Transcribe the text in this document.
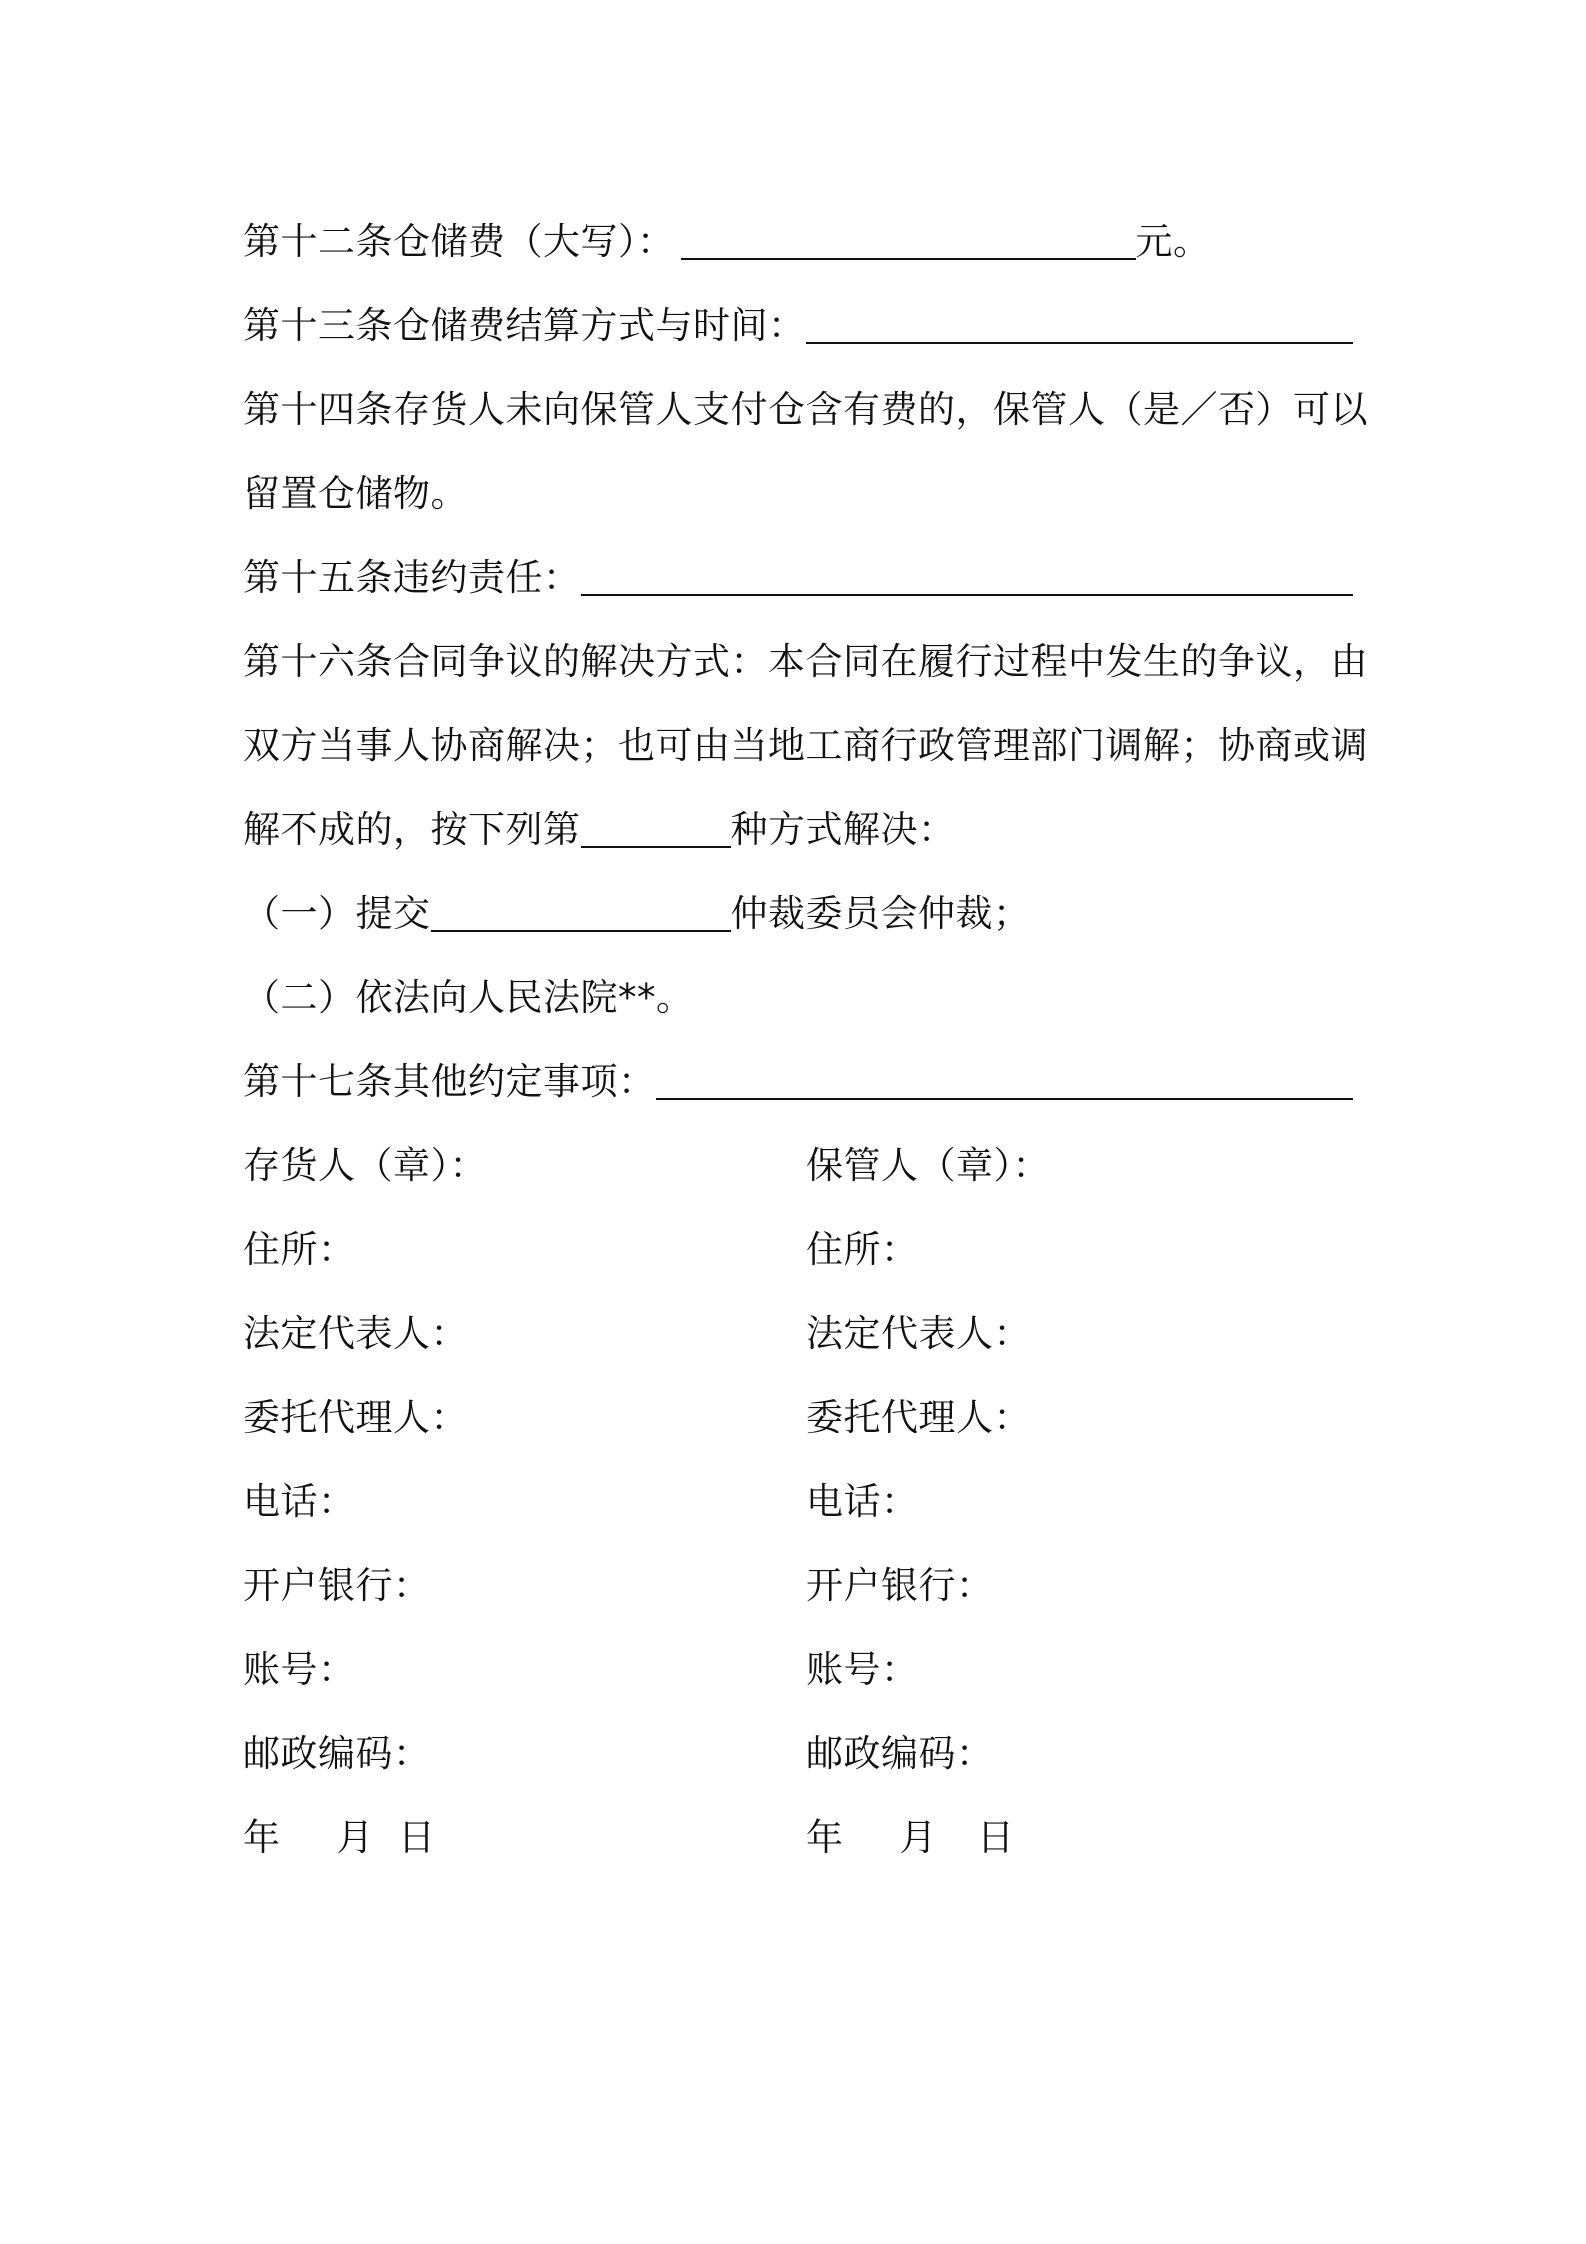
第十二条仓储费（大写）：	元。
第十三条仓储费结算方式与时间：
第十四条存货人未向保管人支付仓含有费的，保管人（是／否）可以
留置仓储物。
第十五条违约责任：
第十六条合同争议的解决方式：本合同在履行过程中发生的争议，由
双方当事人协商解决；也可由当地工商行政管理部门调解；协商或调
解不成的，按下列第	种方式解决：
（一）提交	仲裁委员会仲裁；
（二）依法向人民法院**。
第十七条其他约定事项：
存货人（章）：	保管人（章）：
住所：	住所：
法定代表人：	法定代表人：
委托代理人：	委托代理人：
电话：	电话：
开户银行：	开户银行：
账号：	账号：
邮政编码：	邮政编码：
年 月 日	年 月 日
